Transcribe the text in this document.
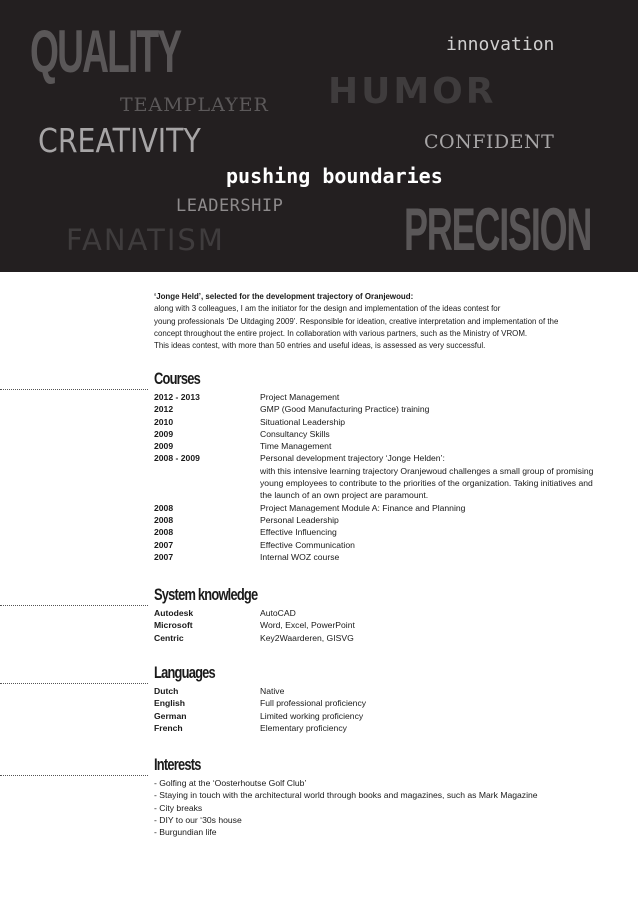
QUALITY	innovation
TEAMPLAYER HUMOR
CREATIVITY	CONFIDENT
pushing boundaries
LEADERSHIP PRECISION
FANATISM

‘Jonge Held’, selected for the development trajectory of Oranjewoud:

along with 3 colleagues, I am the initiator for the design and implementation of the ideas contest for

young professionals ‘De Uitdaging 2009’. Responsible for ideation, creative interpretation and implementation of the

concept throughout the entire project. In collaboration with various partners, such as the Ministry of VROM.

This ideas contest, with more than 50 entries and useful ideas, is assessed as very successful.

Courses
2012 - 2013	Project Management
2012	GMP (Good Manufacturing Practice) training
2010	Situational Leadership
2009	Consultancy Skills
2009	Time Management
2008 - 2009	Personal development trajectory ‘Jonge Helden’:
with this intensive learning trajectory Oranjewoud challenges a small group of promising
young employees to contribute to the priorities of the organization. Taking initiatives and
the launch of an own project are paramount.
2008	Project Management Module A: Finance and Planning
2008	Personal Leadership
2008	Effective Influencing
2007	Effective Communication
2007	Internal WOZ course
System knowledge
Autodesk	AutoCAD
Microsoft	Word, Excel, PowerPoint
Centric	Key2Waarderen, GISVG
Languages
Dutch	Native
English	Full professional proficiency
German	Limited working proficiency
French	Elementary proficiency
Interests
- Golfing at the ‘Oosterhoutse Golf Club’
- Staying in touch with the architectural world through books and magazines, such as Mark Magazine
- City breaks
- DIY to our ‘30s house
- Burgundian life
